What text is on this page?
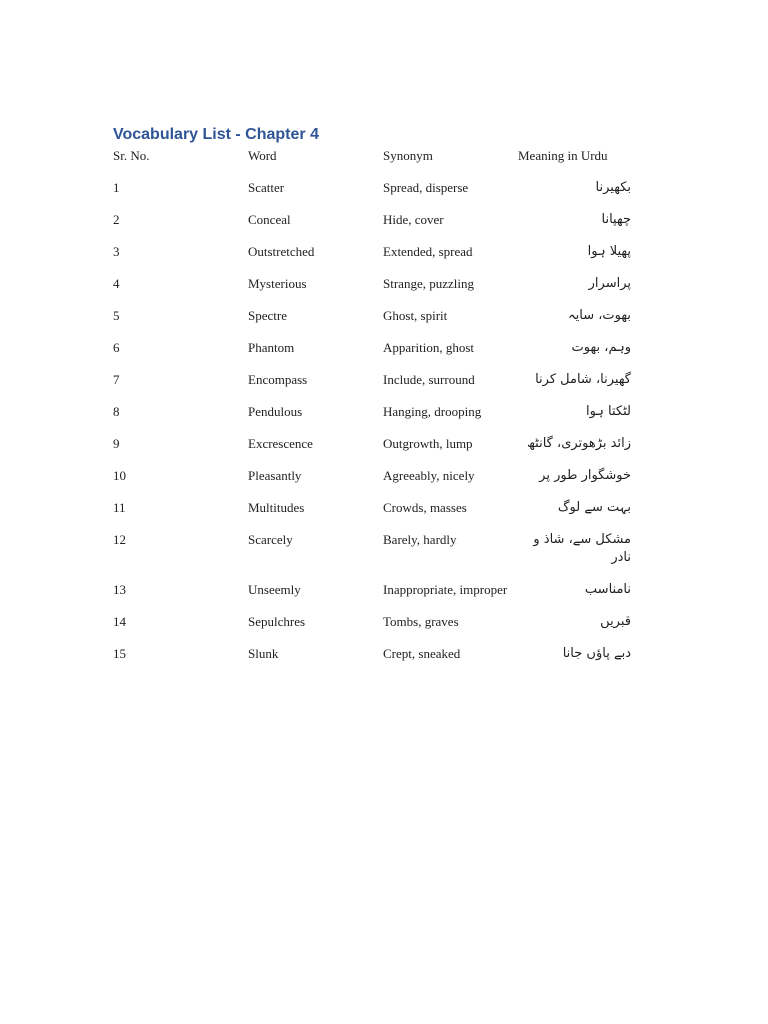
Vocabulary List - Chapter 4
Sr. No.	Word	Synonym	Meaning in Urdu
1	Scatter	Spread, disperse	بکھیرنا
2	Conceal	Hide, cover	چھپانا
3	Outstretched	Extended, spread	پھیلا ہوا
4	Mysterious	Strange, puzzling	پراسرار
5	Spectre	Ghost, spirit	بھوت، سایہ
6	Phantom	Apparition, ghost	وہم، بھوت
7	Encompass	Include, surround	گھیرنا، شامل کرنا
8	Pendulous	Hanging, drooping	لٹکتا ہوا
9	Excrescence	Outgrowth, lump	زائد بڑھوتری، گانٹھ
10	Pleasantly	Agreeably, nicely	خوشگوار طور پر
11	Multitudes	Crowds, masses	بہت سے لوگ
12	Scarcely	Barely, hardly	مشکل سے، شاذ و نادر
13	Unseemly	Inappropriate, improper	نامناسب
14	Sepulchres	Tombs, graves	قبریں
15	Slunk	Crept, sneaked	دبے پاؤں جانا
